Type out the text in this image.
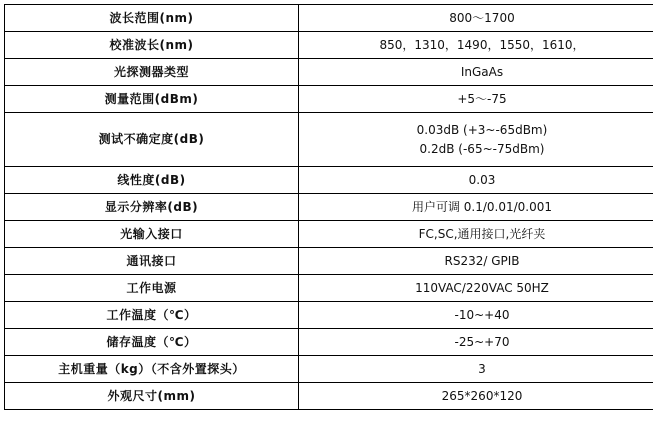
波长范围(nm)	800～1700

校准波长(nm)	850，1310，1490，1550，1610，

光探测器类型	InGaAs

测量范围(dBm)	+5～-75

测试不确定度(dB)	0.03dB (+3~-65dBm)
0.2dB (-65~-75dBm)

线性度(dB)	0.03

显示分辨率(dB)	用户可调 0.1/0.01/0.001

光输入接口	FC,SC,通用接口,光纤夹

通讯接口	RS232/ GPIB

工作电源	110VAC/220VAC 50HZ

工作温度（℃）	-10~+40

储存温度（℃）	-25~+70

主机重量（kg）（不含外置探头）	3

外观尺寸(mm)	265*260*120
